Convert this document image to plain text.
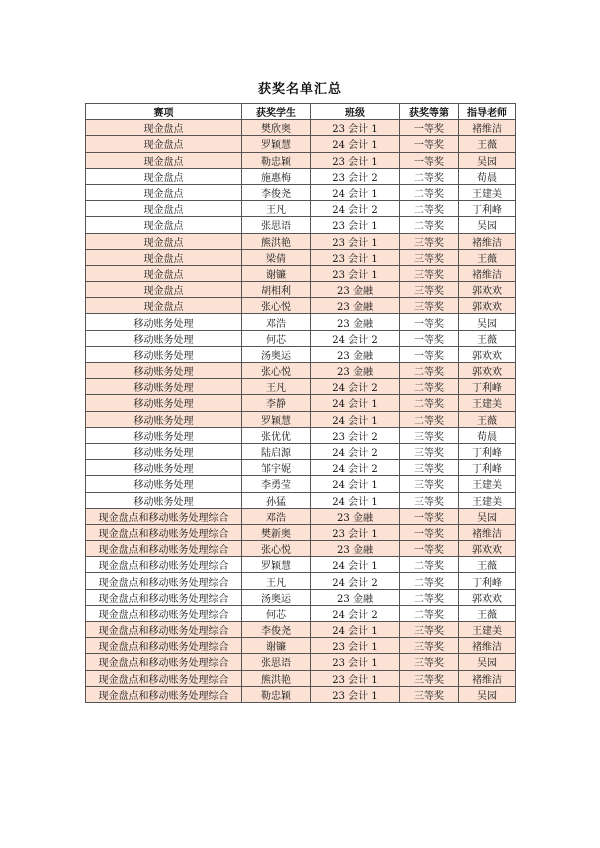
获奖名单汇总
赛项	获奖学生	班级	获奖等第	指导老师
现金盘点	樊欣奥	23 会计 1	一等奖	褚维洁
现金盘点	罗颖慧	24 会计 1	一等奖	王薇
现金盘点	勒忠颖	23 会计 1	一等奖	吴园
现金盘点	施惠梅	23 会计 2	二等奖	荀晨
现金盘点	李俊尧	24 会计 1	二等奖	王建美
现金盘点	王凡	24 会计 2	二等奖	丁利峰
现金盘点	张思语	23 会计 1	二等奖	吴园
现金盘点	熊洪艳	23 会计 1	三等奖	褚维洁
现金盘点	梁倩	23 会计 1	三等奖	王薇
现金盘点	谢镰	23 会计 1	三等奖	褚维洁
现金盘点	胡相利	23 金融	三等奖	郭欢欢
现金盘点	张心悦	23 金融	三等奖	郭欢欢
移动账务处理	邓浩	23 金融	一等奖	吴园
移动账务处理	何芯	24 会计 2	一等奖	王薇
移动账务处理	汤奥运	23 金融	一等奖	郭欢欢
移动账务处理	张心悦	23 金融	二等奖	郭欢欢
移动账务处理	王凡	24 会计 2	二等奖	丁利峰
移动账务处理	李静	24 会计 1	二等奖	王建美
移动账务处理	罗颖慧	24 会计 1	二等奖	王薇
移动账务处理	张优优	23 会计 2	三等奖	荀晨
移动账务处理	陆启源	24 会计 2	三等奖	丁利峰
移动账务处理	邹宇妮	24 会计 2	三等奖	丁利峰
移动账务处理	李勇莹	24 会计 1	三等奖	王建美
移动账务处理	孙猛	24 会计 1	三等奖	王建美
现金盘点和移动账务处理综合	邓浩	23 金融	一等奖	吴园
现金盘点和移动账务处理综合	樊新奥	23 会计 1	一等奖	褚维洁
现金盘点和移动账务处理综合	张心悦	23 金融	一等奖	郭欢欢
现金盘点和移动账务处理综合	罗颖慧	24 会计 1	二等奖	王薇
现金盘点和移动账务处理综合	王凡	24 会计 2	二等奖	丁利峰
现金盘点和移动账务处理综合	汤奥运	23 金融	二等奖	郭欢欢
现金盘点和移动账务处理综合	何芯	24 会计 2	二等奖	王薇
现金盘点和移动账务处理综合	李俊尧	24 会计 1	三等奖	王建美
现金盘点和移动账务处理综合	谢镰	23 会计 1	三等奖	褚维洁
现金盘点和移动账务处理综合	张思语	23 会计 1	三等奖	吴园
现金盘点和移动账务处理综合	熊洪艳	23 会计 1	三等奖	褚维洁
现金盘点和移动账务处理综合	勒忠颖	23 会计 1	三等奖	吴园
